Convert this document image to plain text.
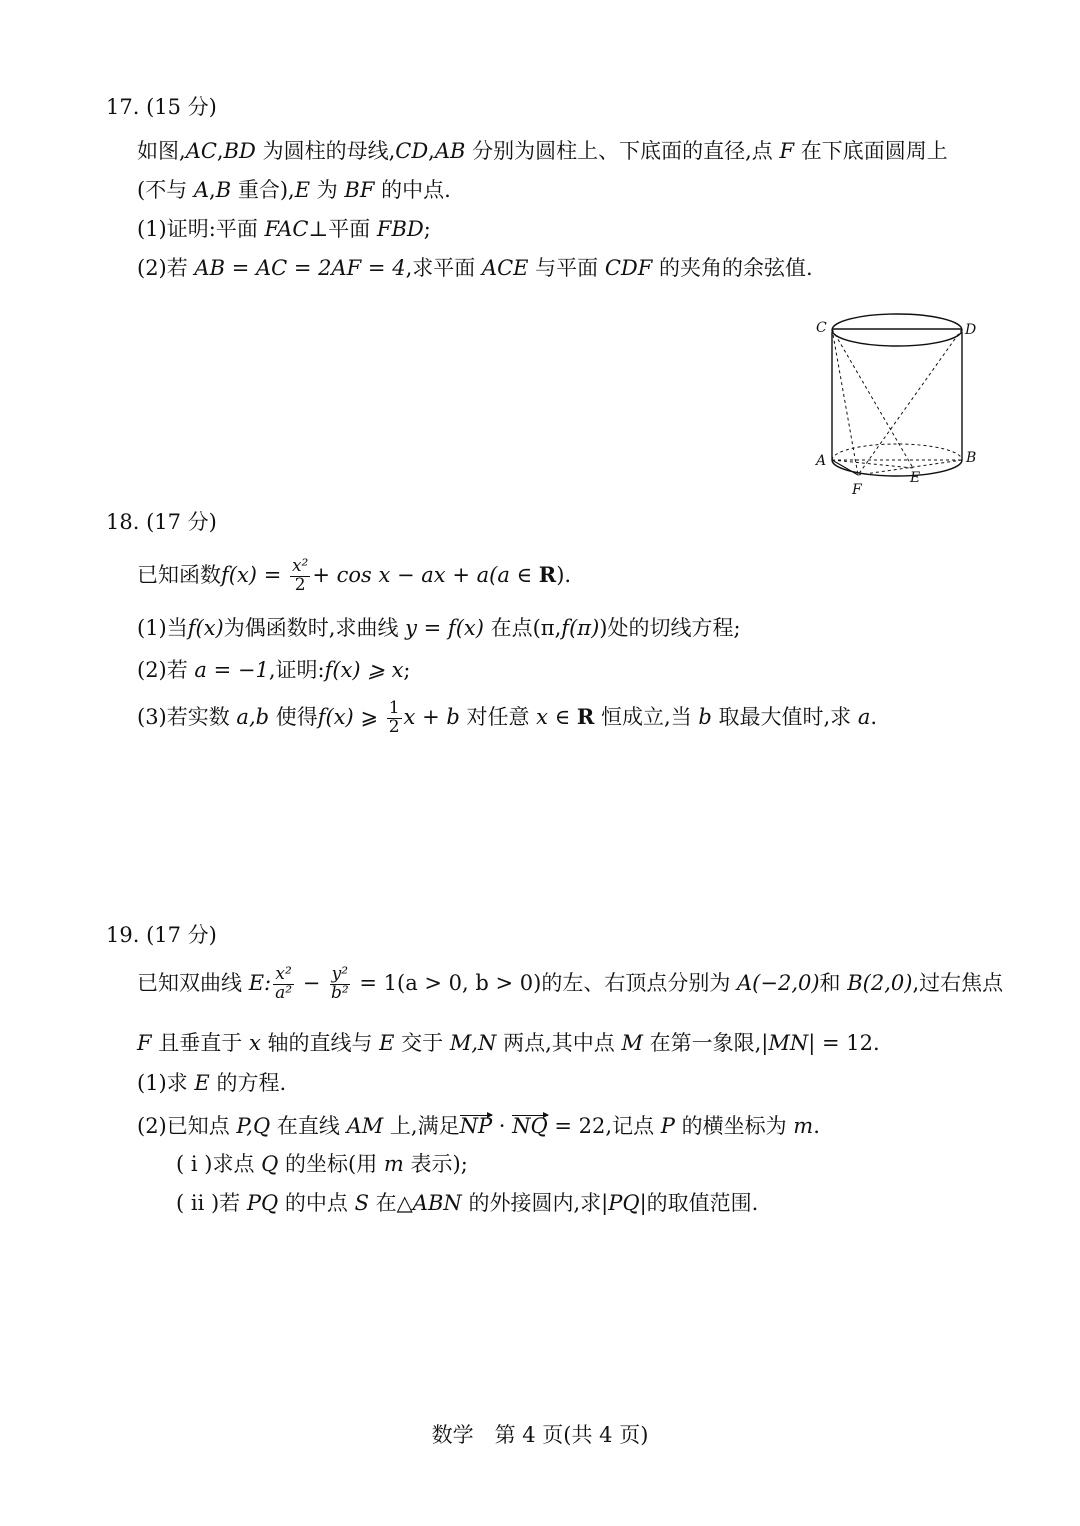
17. (15 分)
如图,AC,BD 为圆柱的母线,CD,AB 分别为圆柱上、下底面的直径,点 F 在下底面圆周上
(不与 A,B 重合),E 为 BF 的中点.
(1)证明:平面 FAC⊥平面 FBD;
(2)若 AB = AC = 2AF = 4,求平面 ACE 与平面 CDF 的夹角的余弦值.
C	D
A	B
E
F
18. (17 分)
已知函数$f(x) = \frac{\text{x²}}{2} + \cos x$ − ax + a(a ∈ R).
(1)当f(x)为偶函数时,求曲线 y = f(x) 在点(π,f(π))处的切线方程;
(2)若 a = −1,证明:f(x) ⩾ x;
(3)若实数 a,b 使得f(x) ⩾ $\frac{1}{2}$ x + b 对任意 x ∈ R 恒成立,当 b 取最大值时,求 a.
19. (17 分)
已知双曲线 E: $\frac{\text{x²}}{\text{a²}} - \frac{\text{y²}}{\text{b²}} = 1(a > 0$, b > 0)的左、右顶点分别为 A(−2,0)和 B(2,0),过右焦点
F 且垂直于 x 轴的直线与 E 交于 M,N 两点,其中点 M 在第一象限,|MN| = 12.
(1)求 E 的方程.
(2)已知点 P,Q 在直线 AM 上,满足NP · NQ = 22,记点 P 的横坐标为 m.
( ⅰ )求点 Q 的坐标(用 m 表示);
( ⅱ )若 PQ 的中点 S 在△ABN 的外接圆内,求|PQ|的取值范围.
数学　第 4 页(共 4 页)
